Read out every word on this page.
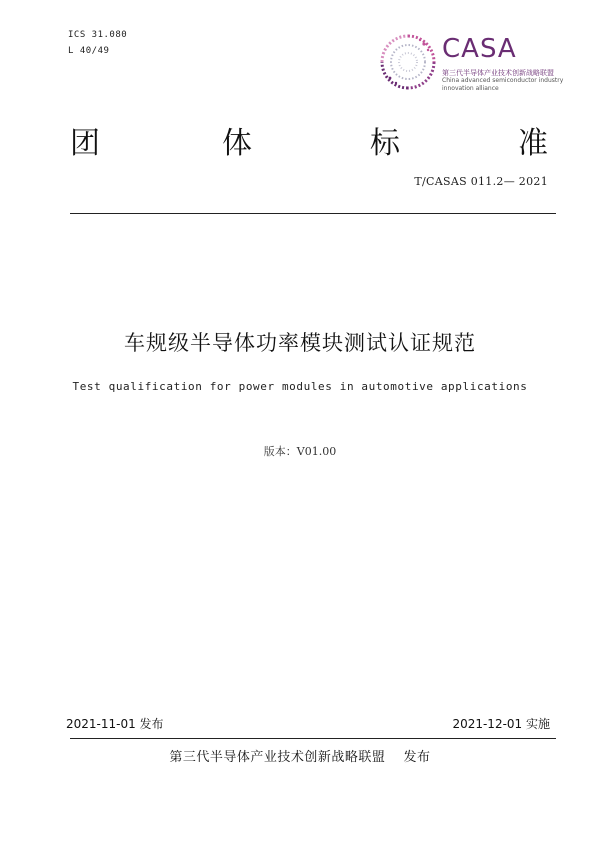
ICS 31.080
L 40/49	CASA
第三代半导体产业技术创新战略联盟
China advanced semiconductor industry
innovation alliance
团	体	标	准
T/CASAS 011.2— 2021
车规级半导体功率模块测试认证规范
Test qualification for power modules in automotive applications
版本：V01.00
2021-11-01 发布	2021-12-01 实施
第三代半导体产业技术创新战略联盟　 发布
